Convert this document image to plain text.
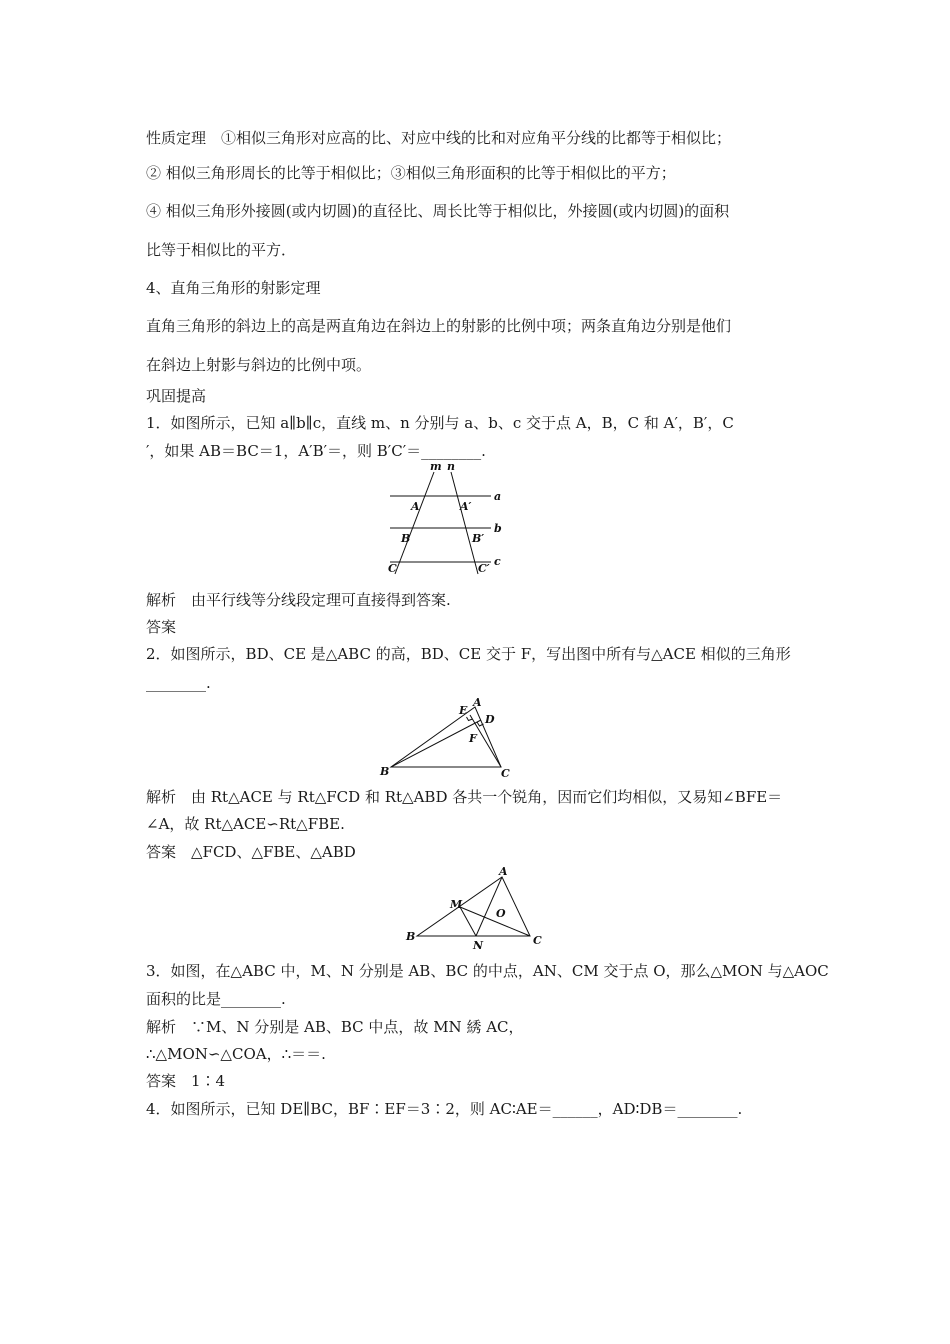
性质定理　①相似三角形对应高的比、对应中线的比和对应角平分线的比都等于相似比；
② 相似三角形周长的比等于相似比；③相似三角形面积的比等于相似比的平方；
④ 相似三角形外接圆(或内切圆)的直径比、周长比等于相似比，外接圆(或内切圆)的面积
比等于相似比的平方．
4、直角三角形的射影定理
直角三角形的斜边上的高是两直角边在斜边上的射影的比例中项；两条直角边分别是他们
在斜边上射影与斜边的比例中项。
巩固提高
1．如图所示，已知 a∥b∥c，直线 m、n 分别与 a、b、c 交于点 A，B，C 和 A′，B′，C
′，如果 AB＝BC＝1，A′B′＝，则 B′C′＝________.
m n
a
b
c
A	A′
B	B′
C	C′
解析　由平行线等分线段定理可直接得到答案.
答案
2．如图所示，BD、CE 是△ABC 的高，BD、CE 交于 F，写出图中所有与△ACE 相似的三角形
________.
E
A
D
F
B	C
解析　由 Rt△ACE 与 Rt△FCD 和 Rt△ABD 各共一个锐角，因而它们均相似，又易知∠BFE＝
∠A，故 Rt△ACE∽Rt△FBE.
答案　△FCD、△FBE、△ABD
A
M
O
B
N	C
3．如图，在△ABC 中，M、N 分别是 AB、BC 的中点，AN、CM 交于点 O，那么△MON 与△AOC
面积的比是________.
解析　∵M、N 分别是 AB、BC 中点，故 MN 綉 AC，
∴△MON∽△COA，∴＝＝.
答案　1∶4
4．如图所示，已知 DE∥BC，BF∶EF＝3∶2，则 AC∶AE＝______，AD∶DB＝________.
